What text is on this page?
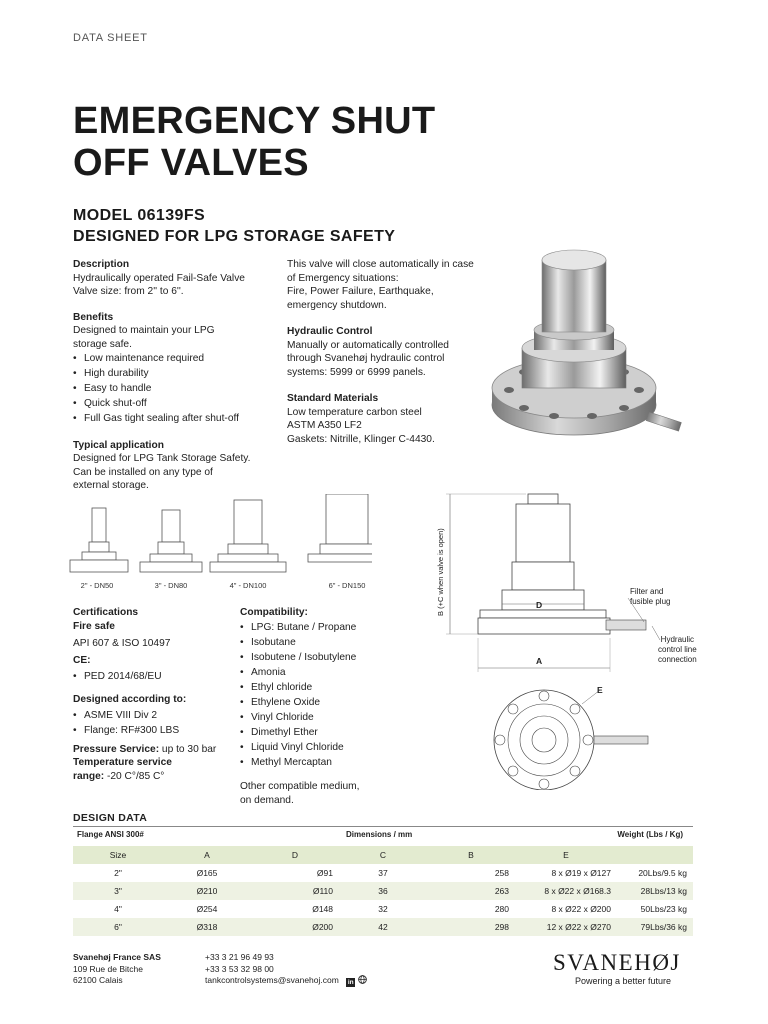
DATA SHEET
EMERGENCY SHUT
OFF VALVES
MODEL 06139FS
DESIGNED FOR LPG STORAGE SAFETY
Description
Hydraulically operated Fail-Safe Valve
Valve size: from 2'' to 6''.
Benefits
Designed to maintain your LPG
storage safe.
• Low maintenance required
• High durability
• Easy to handle
• Quick shut-off
• Full Gas tight sealing after shut-off
Typical application
Designed for LPG Tank Storage Safety.
Can be installed on any type of
external storage.
This valve will close automatically in case
of Emergency situations:
Fire, Power Failure, Earthquake,
emergency shutdown.
Hydraulic Control
Manually or automatically controlled
through Svanehøj hydraulic control
systems: 5999 or 6999 panels.
Standard Materials
Low temperature carbon steel
ASTM A350 LF2
Gaskets: Nitrille, Klinger C-4430.
2" - DN50	3" - DN80	4" - DN100	6" - DN150	B (+C when valve is open)	D
A
E
Filter and
fusible plug
Hydraulic
control line
connection
Certifications
Fire safe
API 607 & ISO 10497
CE:
• PED 2014/68/EU
Designed according to:
• ASME VIII Div 2
• Flange: RF#300 LBS
Pressure Service: up to 30 bar
Temperature service
range: -20 C°/85 C°
Compatibility:
• LPG: Butane / Propane
• Isobutane
• Isobutene / Isobutylene
• Amonia
• Ethyl chloride
• Ethylene Oxide
• Vinyl Chloride
• Dimethyl Ether
• Liquid Vinyl Chloride
• Methyl Mercaptan
Other compatible medium,
on demand.
DESIGN DATA
Flange ANSI 300#	Dimensions / mm	Weight (Lbs / Kg)
Size	A	D	C	B	E	
2"	Ø165	Ø91	37	258	8 x Ø19 x Ø127	20Lbs/9.5 kg
3"	Ø210	Ø110	36	263	8 x Ø22 x Ø168.3	28Lbs/13 kg
4"	Ø254	Ø148	32	280	8 x Ø22 x Ø200	50Lbs/23 kg
6"	Ø318	Ø200	42	298	12 x Ø22 x Ø270	79Lbs/36 kg
Svanehøj France SAS
109 Rue de Bitche
62100 Calais
+33 3 21 96 49 93
+33 3 53 32 98 00
tankcontrolsystems@svanehoj.com in
SVANEHØJ
Powering a better future
